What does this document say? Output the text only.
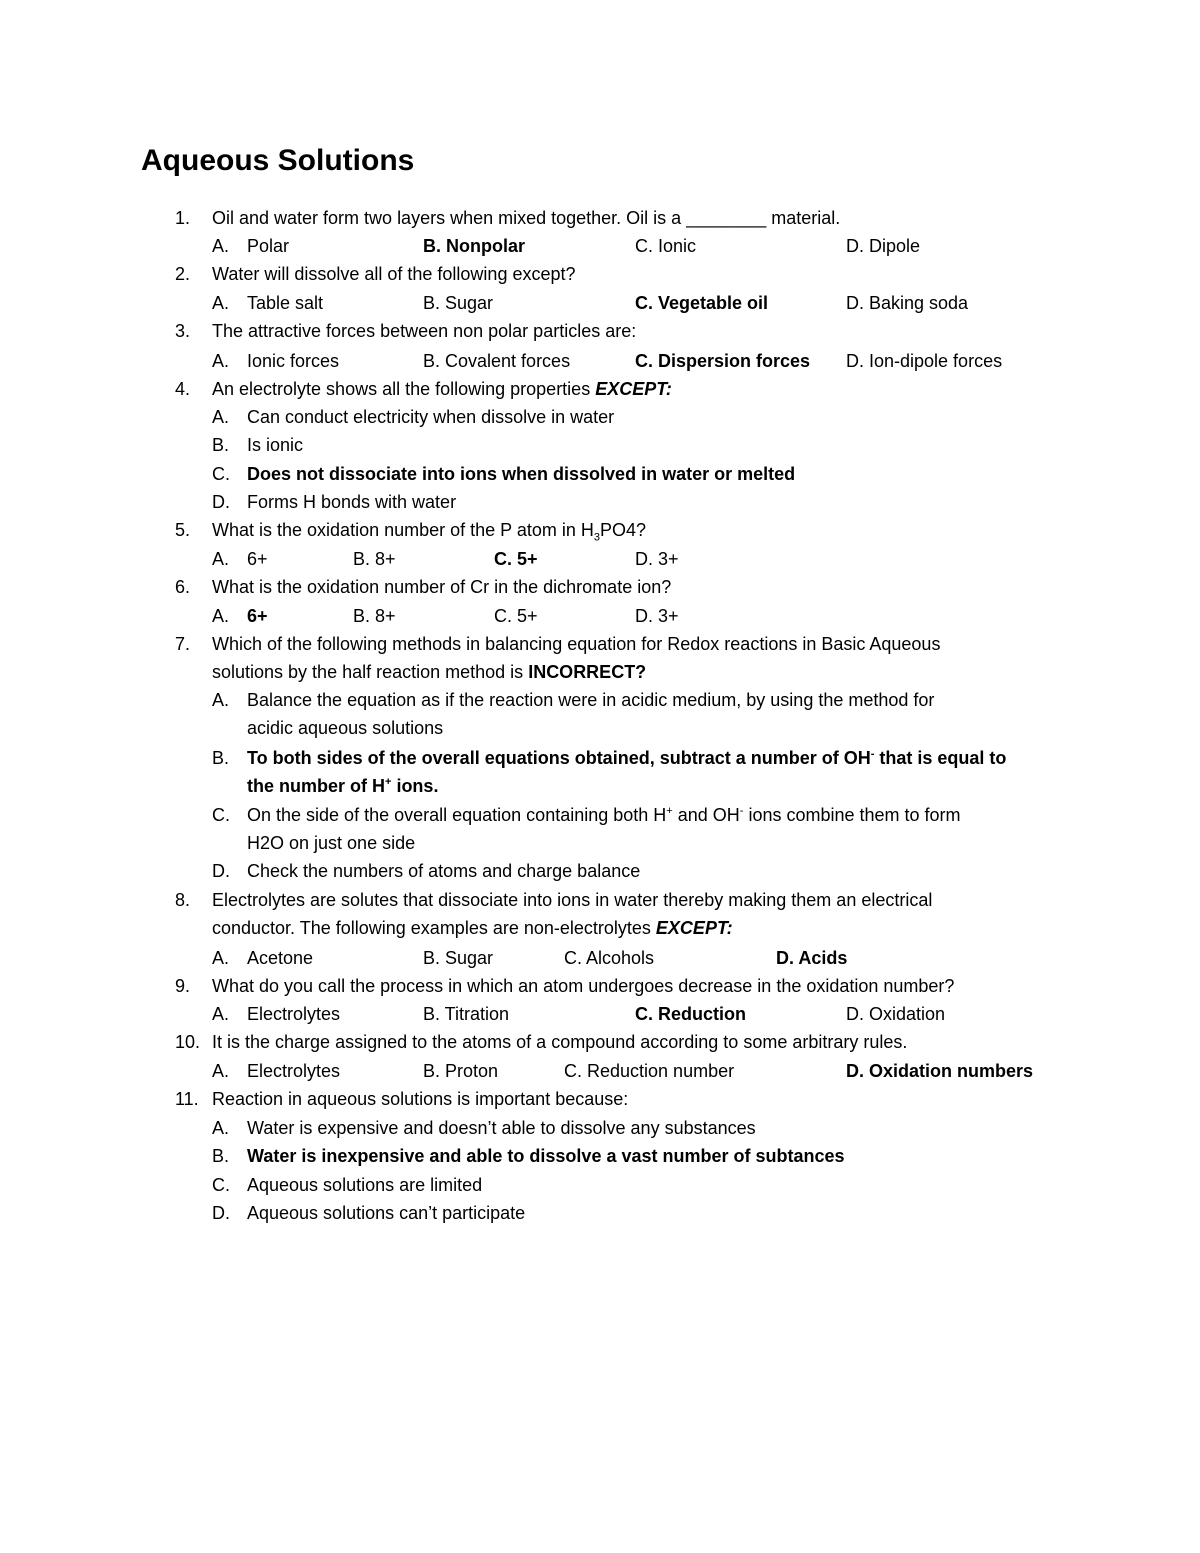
Aqueous Solutions
1. Oil and water form two layers when mixed together. Oil is a ________ material.
A. Polar	B. Nonpolar	C. Ionic	D. Dipole
2. Water will dissolve all of the following except?
A. Table salt	B. Sugar	C. Vegetable oil	D. Baking soda
3. The attractive forces between non polar particles are:
A. Ionic forces	B. Covalent forces	C. Dispersion forces D. Ion-dipole forces
4. An electrolyte shows all the following properties EXCEPT:
A. Can conduct electricity when dissolve in water
B. Is ionic
C. Does not dissociate into ions when dissolved in water or melted
D. Forms H bonds with water
5. What is the oxidation number of the P atom in $H_3PO4$?
A. 6+	B. 8+	C. 5+	D. 3+
6. What is the oxidation number of Cr in the dichromate ion?
A. 6+	B. 8+	C. 5+	D. 3+
7. Which of the following methods in balancing equation for Redox reactions in Basic Aqueous
solutions by the half reaction method is INCORRECT?
A. Balance the equation as if the reaction were in acidic medium, by using the method for
acidic aqueous solutions
B. To both sides of the overall equations obtained, subtract a number of OH- that is equal to
the number of H+ ions.
C. On the side of the overall equation containing both H+ and OH- ions combine them to form
H2O on just one side
D. Check the numbers of atoms and charge balance
8. Electrolytes are solutes that dissociate into ions in water thereby making them an electrical
conductor. The following examples are non-electrolytes EXCEPT:
A. Acetone	B. Sugar	C. Alcohols	D. Acids
9. What do you call the process in which an atom undergoes decrease in the oxidation number?
A. Electrolytes	B. Titration	C. Reduction	D. Oxidation
10. It is the charge assigned to the atoms of a compound according to some arbitrary rules.
A. Electrolytes	B. Proton	C. Reduction number	D. Oxidation numbers
11. Reaction in aqueous solutions is important because:
A. Water is expensive and doesn’t able to dissolve any substances
B. Water is inexpensive and able to dissolve a vast number of subtances
C. Aqueous solutions are limited
D. Aqueous solutions can’t participate
